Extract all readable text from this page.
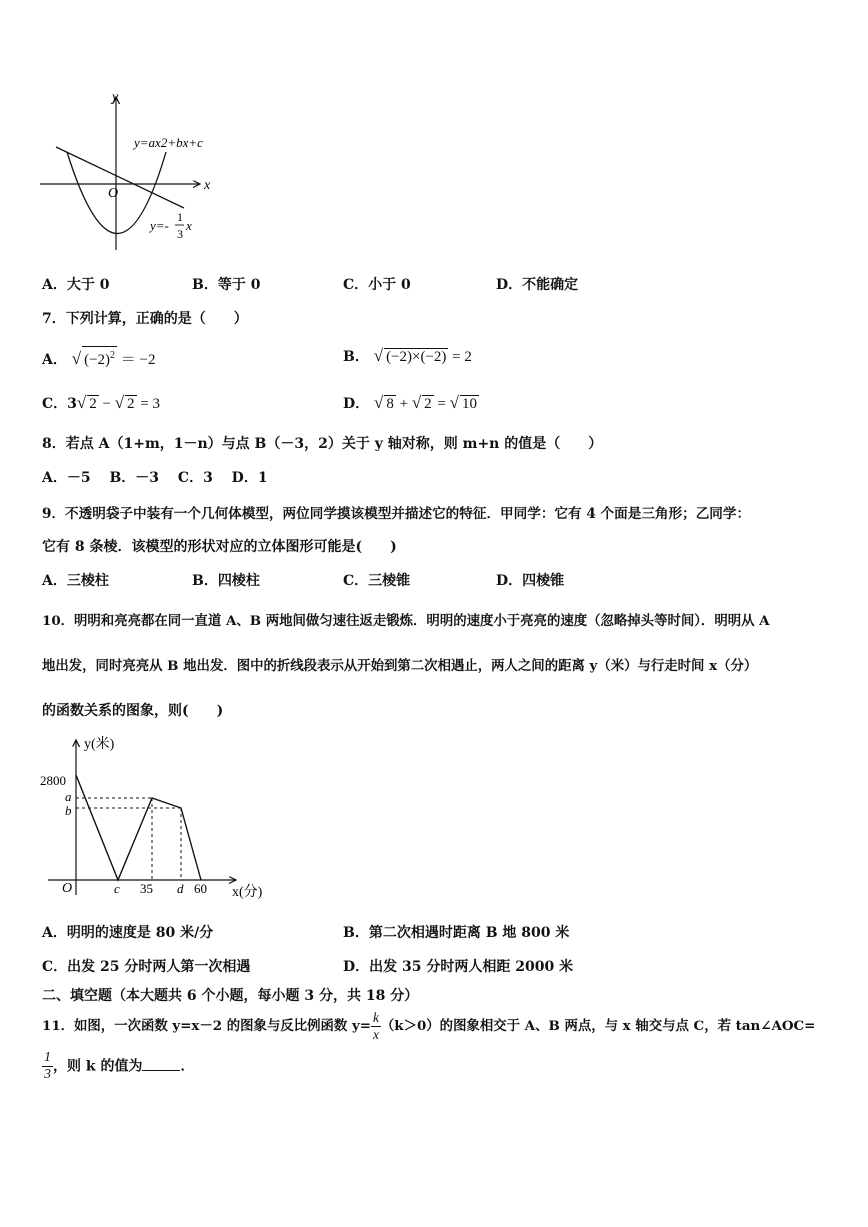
y
x
O
y=ax2+bx+c
y=-
1
3
x
A．大于 0	B．等于 0	C．小于 0	D．不能确定
7．下列计算，正确的是（　　）
A． √ $(-2)^2 = -2$	B． √ (−2)×(−2) = 2
C．3√ 2 − √ 2 = 3	D． √ 8 + √ 2 = √ 10
8．若点 A（1+m，1－n）与点 B（－3，2）关于 y 轴对称，则 m+n 的值是（　　）
A．－5　 B．－3　 C．3　 D．1
9．不透明袋子中装有一个几何体模型，两位同学摸该模型并描述它的特征．甲同学：它有 4 个面是三角形；乙同学：
它有 8 条棱．该模型的形状对应的立体图形可能是(　　)
A．三棱柱	B．四棱柱	C．三棱锥	D．四棱锥
10．明明和亮亮都在同一直道 A、B 两地间做匀速往返走锻炼．明明的速度小于亮亮的速度（忽略掉头等时间）．明明从 A
地出发，同时亮亮从 B 地出发．图中的折线段表示从开始到第二次相遇止，两人之间的距离 y（米）与行走时间 x（分）
的函数关系的图象，则(　　)
y(米)
x(分)
O
2800
a
b
c 35 d 60
A．明明的速度是 80 米/分	B．第二次相遇时距离 B 地 800 米
C．出发 25 分时两人第一次相遇	D．出发 35 分时两人相距 2000 米
二、填空题（本大题共 6 个小题，每小题 3 分，共 18 分）
11．如图，一次函数 y=x－2 的图象与反比例函数 $y= \frac{k}{x} (k>0)$的图象相交于 A、B 两点，与 x 轴交与点 C，若 tan∠AOC=
$\frac{1}{3}$ ，则 k 的值为	．
